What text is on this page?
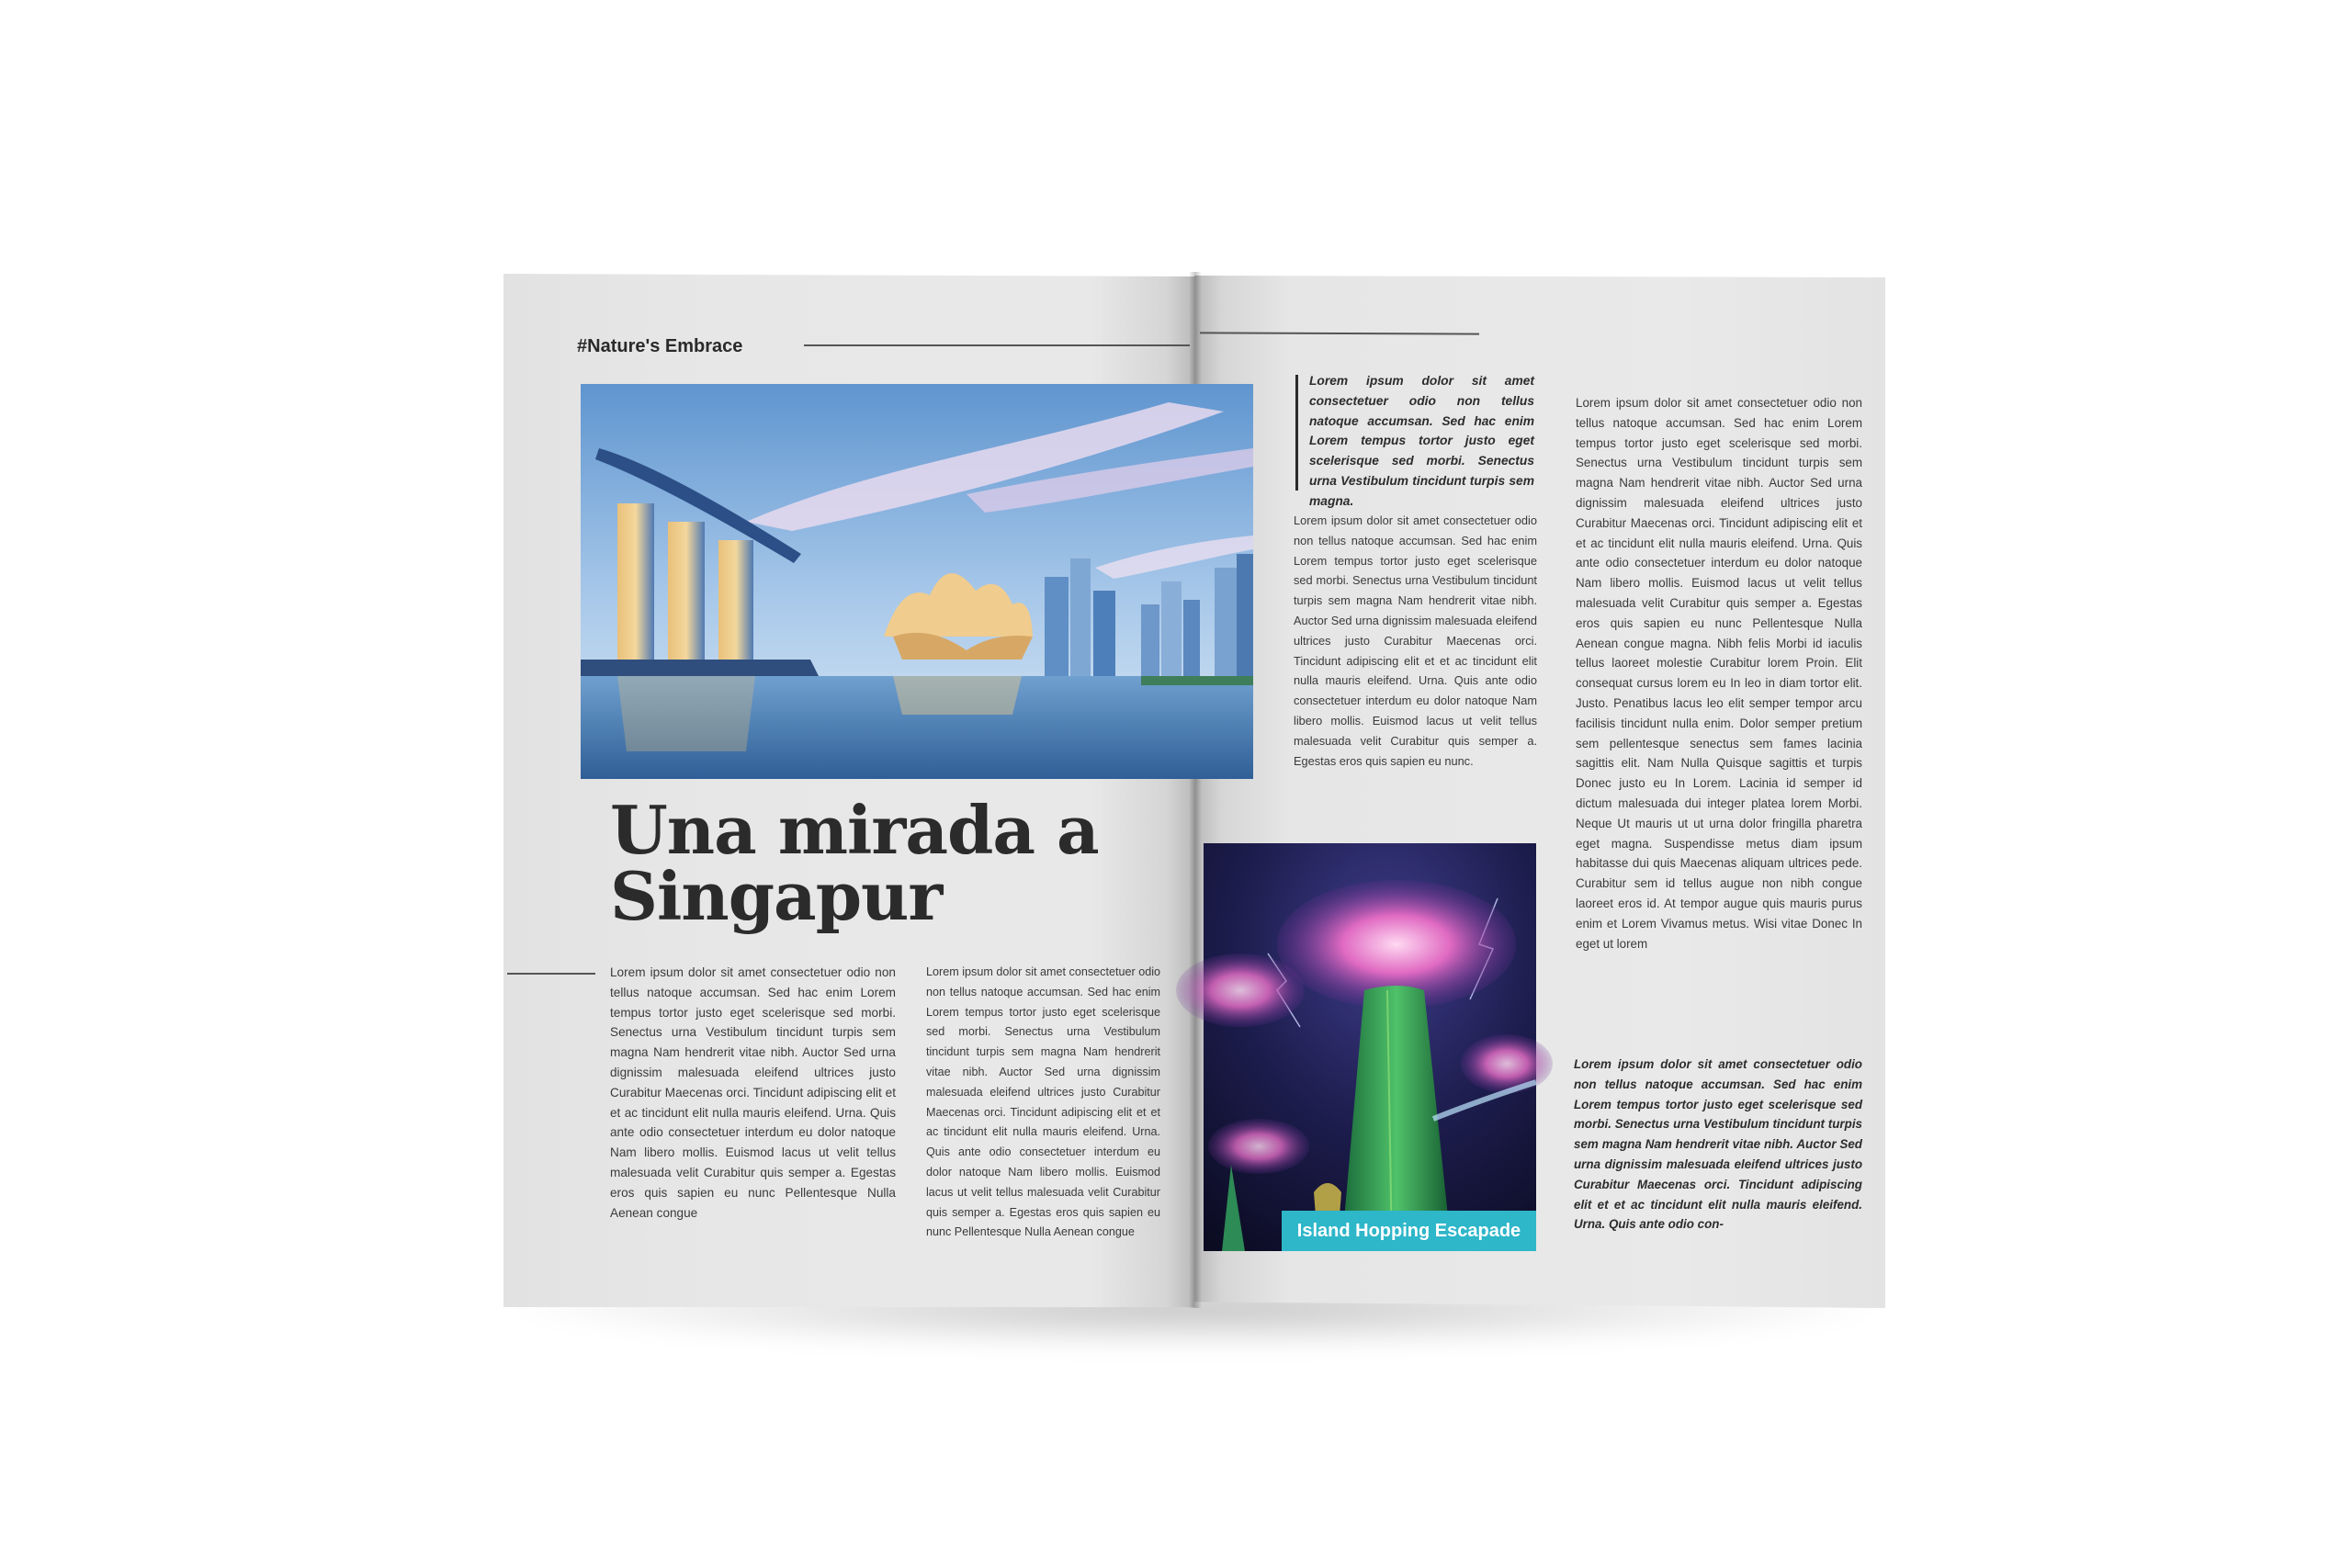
#Nature's Embrace
Una mirada a
Singapur
Lorem ipsum dolor sit amet consectetuer odio non tellus natoque accumsan. Sed hac enim Lorem tempus tortor justo eget scelerisque sed morbi. Senectus urna Vestibulum tincidunt turpis sem magna Nam hendrerit vitae nibh. Auctor Sed urna dignissim malesuada eleifend ultrices justo Curabitur Maecenas orci. Tincidunt adipiscing elit et et ac tincidunt elit nulla mauris eleifend. Urna. Quis ante odio consectetuer interdum eu dolor natoque Nam libero mollis. Euismod lacus ut velit tellus malesuada velit Curabitur quis semper a. Egestas eros quis sapien eu nunc Pellentesque Nulla Aenean congue
Lorem ipsum dolor sit amet consectetuer odio non tellus natoque accumsan. Sed hac enim Lorem tempus tortor justo eget scelerisque sed morbi. Senectus urna Vestibulum tincidunt turpis sem magna Nam hendrerit vitae nibh. Auctor Sed urna dignissim malesuada eleifend ultrices justo Curabitur Maecenas orci. Tincidunt adipiscing elit et et ac tincidunt elit nulla mauris eleifend. Urna. Quis ante odio consectetuer interdum eu dolor natoque Nam libero mollis. Euismod lacus ut velit tellus malesuada velit Curabitur quis semper a. Egestas eros quis sapien eu nunc Pellentesque Nulla Aenean congue
Lorem ipsum dolor sit amet consectetuer odio non tellus natoque accumsan. Sed hac enim Lorem tempus tortor justo eget scelerisque sed morbi. Senectus urna Vestibulum tincidunt turpis sem magna.
Lorem ipsum dolor sit amet consectetuer odio non tellus natoque accumsan. Sed hac enim Lorem tempus tortor justo eget scelerisque sed morbi. Senectus urna Vestibulum tincidunt turpis sem magna Nam hendrerit vitae nibh. Auctor Sed urna dignissim malesuada eleifend ultrices justo Curabitur Maecenas orci. Tincidunt adipiscing elit et et ac tincidunt elit nulla mauris eleifend. Urna. Quis ante odio consectetuer interdum eu dolor natoque Nam libero mollis. Euismod lacus ut velit tellus malesuada velit Curabitur quis semper a. Egestas eros quis sapien eu nunc.
Island Hopping Escapade
Lorem ipsum dolor sit amet consectetuer odio non tellus natoque accumsan. Sed hac enim Lorem tempus tortor justo eget scelerisque sed morbi. Senectus urna Vestibulum tincidunt turpis sem magna Nam hendrerit vitae nibh. Auctor Sed urna dignissim malesuada eleifend ultrices justo Curabitur Maecenas orci. Tincidunt adipiscing elit et et ac tincidunt elit nulla mauris eleifend. Urna. Quis ante odio consectetuer interdum eu dolor natoque Nam libero mollis. Euismod lacus ut velit tellus malesuada velit Curabitur quis semper a. Egestas eros quis sapien eu nunc Pellentesque Nulla Aenean congue magna. Nibh felis Morbi id iaculis tellus laoreet molestie Curabitur lorem Proin. Elit consequat cursus lorem eu In leo in diam tortor elit. Justo. Penatibus lacus leo elit semper tempor arcu facilisis tincidunt nulla enim. Dolor semper pretium sem pellentesque senectus sem fames lacinia sagittis elit. Nam Nulla Quisque sagittis et turpis Donec justo eu In Lorem. Lacinia id semper id dictum malesuada dui integer platea lorem Morbi. Neque Ut mauris ut ut urna dolor fringilla pharetra eget magna. Suspendisse metus diam ipsum habitasse dui quis Maecenas aliquam ultrices pede. Curabitur sem id tellus augue non nibh congue laoreet eros id. At tempor augue quis mauris purus enim et Lorem Vivamus metus. Wisi vitae Donec In eget ut lorem
Lorem ipsum dolor sit amet consectetuer odio non tellus natoque accumsan. Sed hac enim Lorem tempus tortor justo eget scelerisque sed morbi. Senectus urna Vestibulum tincidunt turpis sem magna Nam hendrerit vitae nibh. Auctor Sed urna dignissim malesuada eleifend ultrices justo Curabitur Maecenas orci. Tincidunt adipiscing elit et et ac tincidunt elit nulla mauris eleifend. Urna. Quis ante odio con-
